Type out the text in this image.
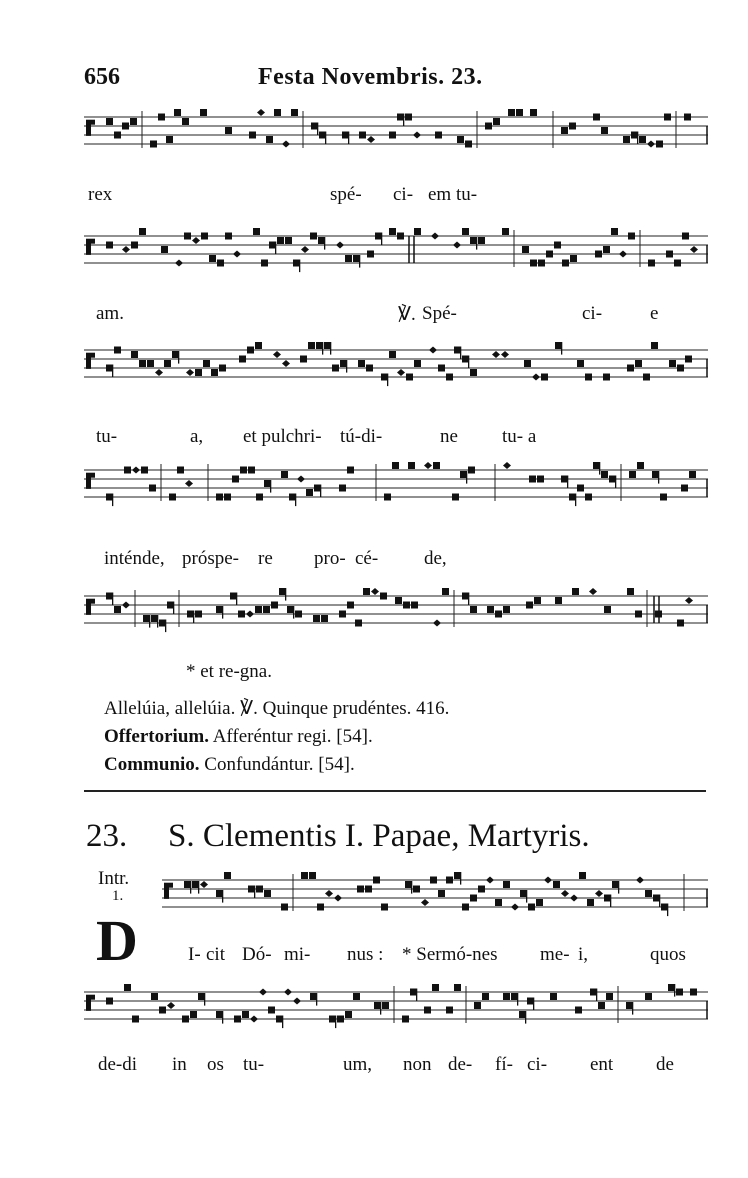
656	Festa Novembris. 23.
rex	spé- ci- em tu-
am.	℣. Spé-	ci-	e
tu-	a, et pulchri- tú-di-	ne tu- a
inténde, próspe- re pro- cé- de,
* et re-gna.
Allelúia, allelúia. ℣. Quinque prudéntes. 416.
Offertorium. Afferéntur regi. [54].
Communio. Confundántur. [54].
23. S. Clementis I. Papae, Martyris.
Intr.
1.
D	I- cit Dó- mi- nus : * Sermó-nes me- i,	quos
de-di in os tu-	um, non de- fí- ci- ent de
